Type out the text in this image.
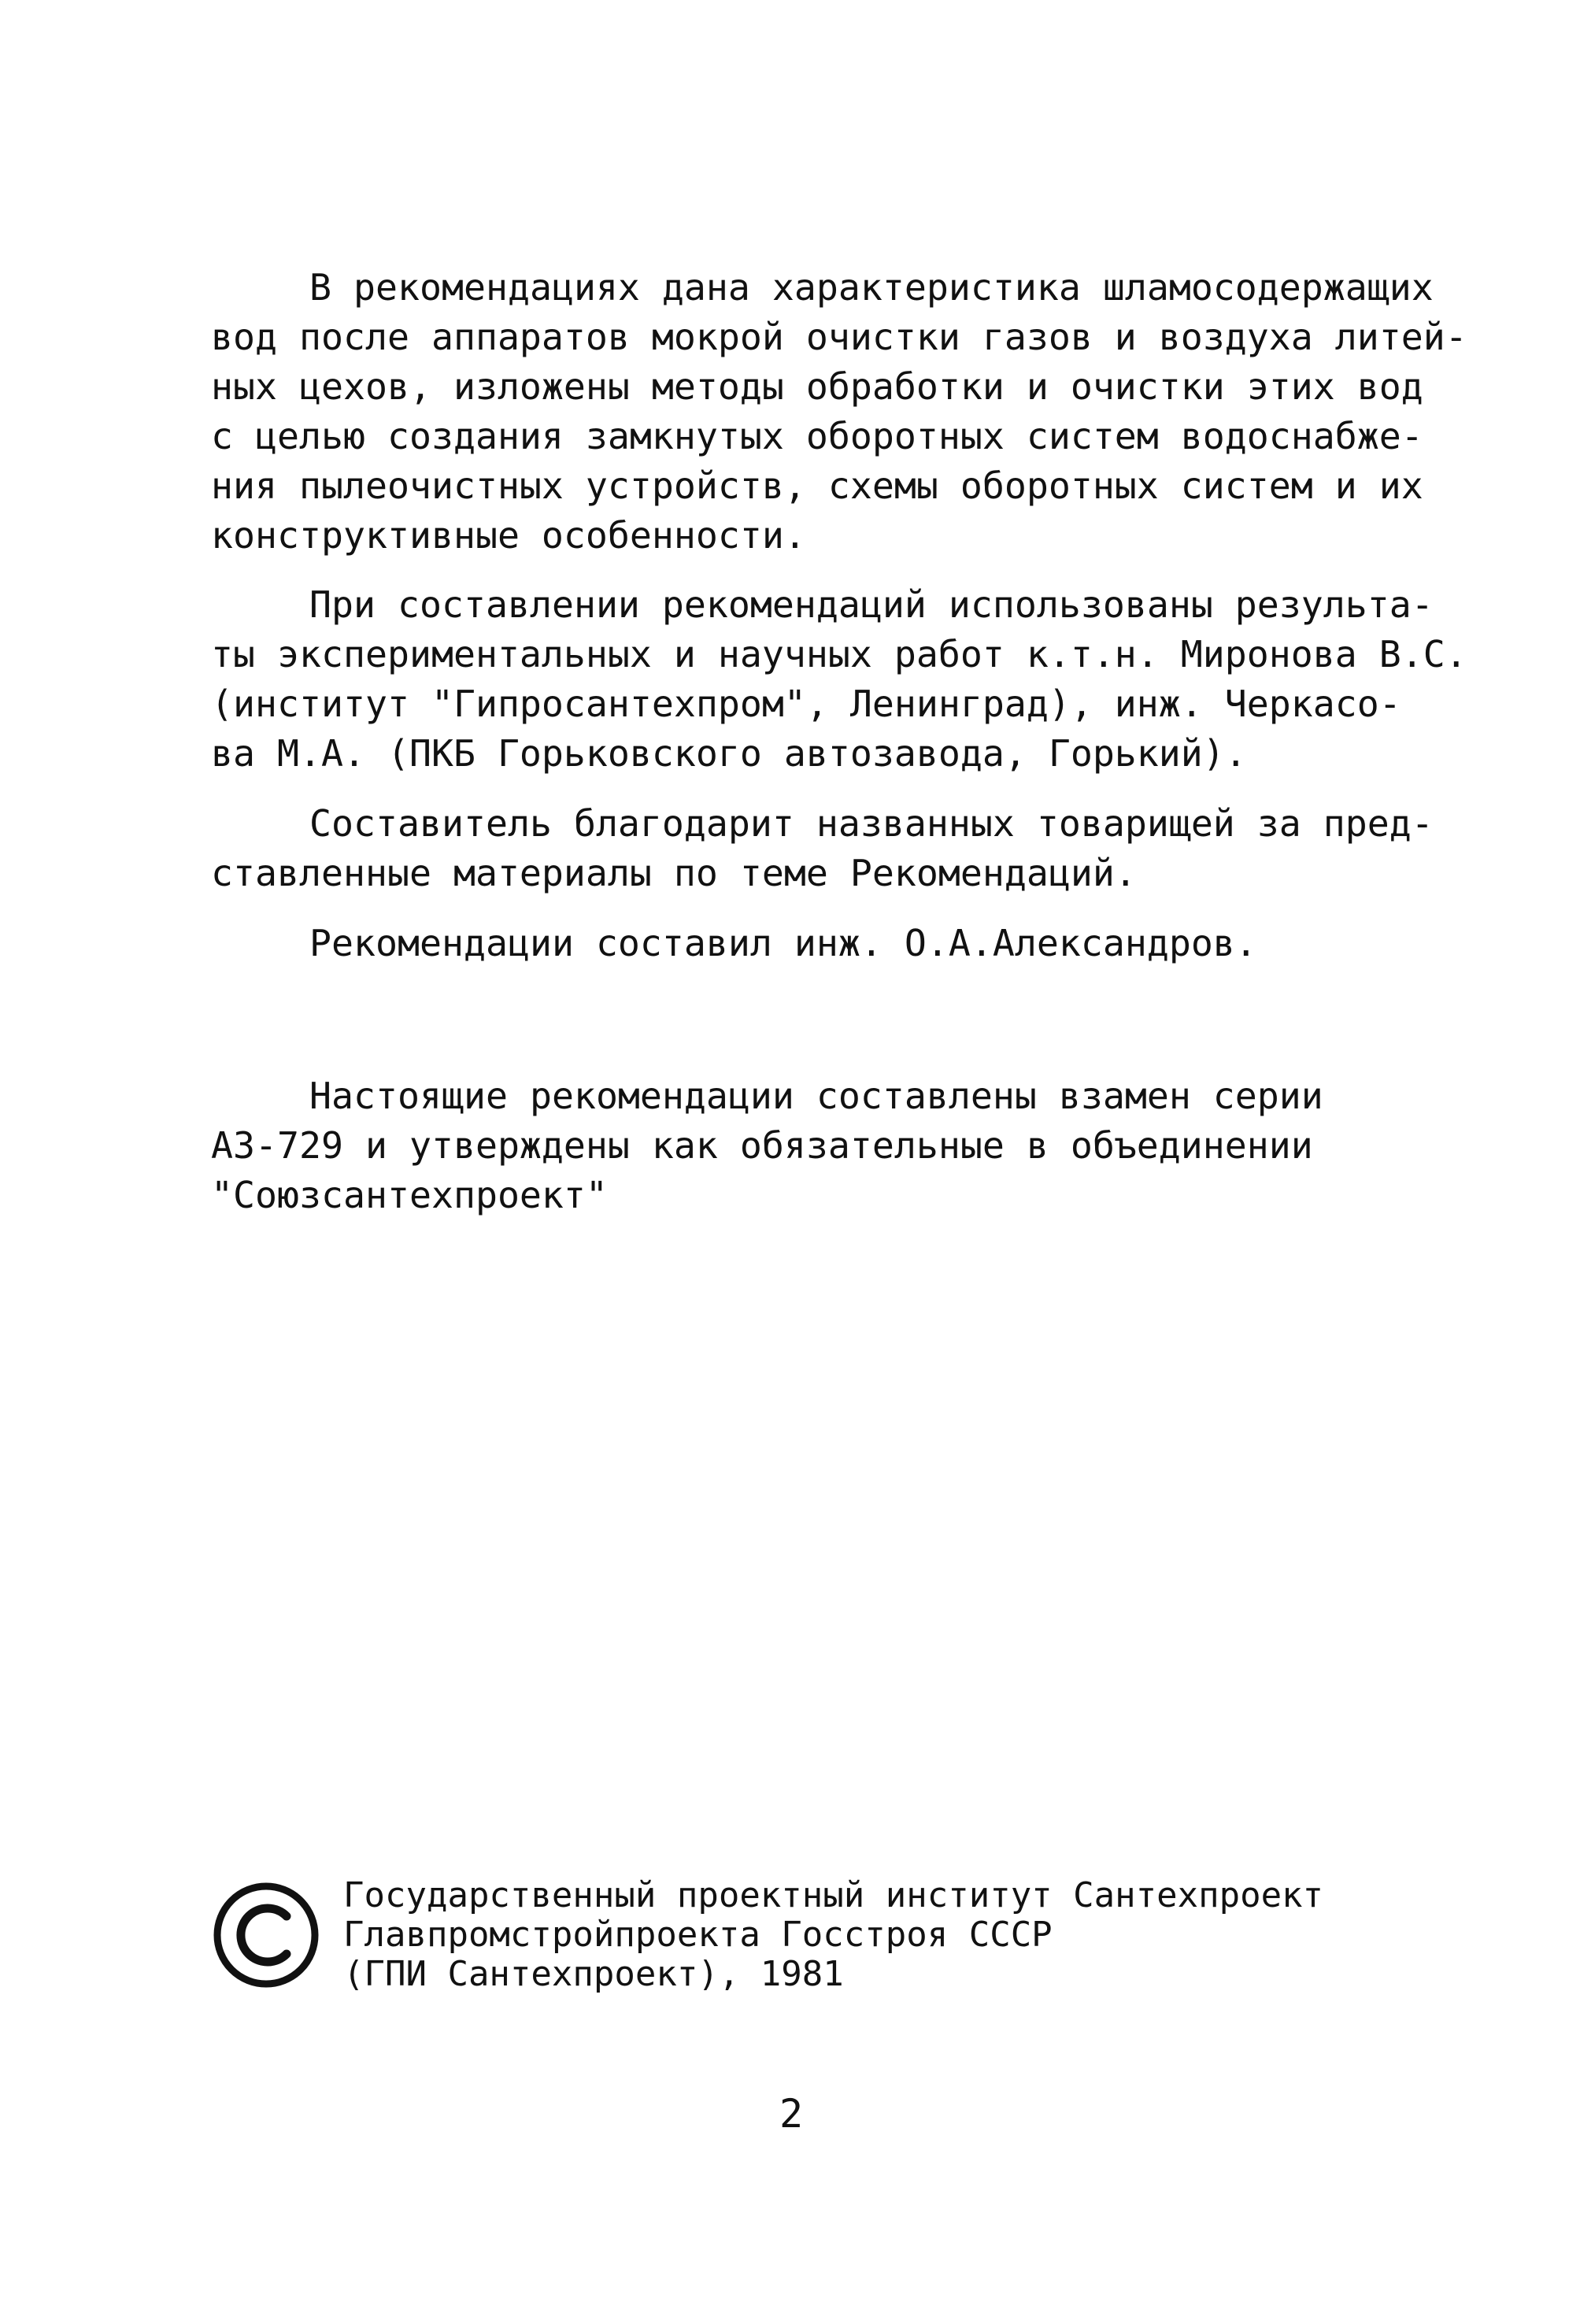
В рекомендациях дана характеристика шламосодержащих
вод после аппаратов мокрой очистки газов и воздуха литей-
ных цехов, изложены методы обработки и очистки этих вод
с целью создания замкнутых оборотных систем водоснабже-
ния пылеочистных устройств, схемы оборотных систем и их
конструктивные особенности.
При составлении рекомендаций использованы результа-
ты экспериментальных и научных работ к.т.н. Миронова В.С.
(институт "Гипросантехпром", Ленинград), инж. Черкасо-
ва М.А. (ПКБ Горьковского автозавода, Горький).
Составитель благодарит названных товарищей за пред-
ставленные материалы по теме Рекомендаций.
Рекомендации составил инж. О.А.Александров.
Настоящие рекомендации составлены взамен серии
АЗ-729 и утверждены как обязательные в объединении
"Союзсантехпроект"
Государственный проектный институт Сантехпроект
Главпромстройпроекта Госстроя СССР
(ГПИ Сантехпроект), 1981
2
